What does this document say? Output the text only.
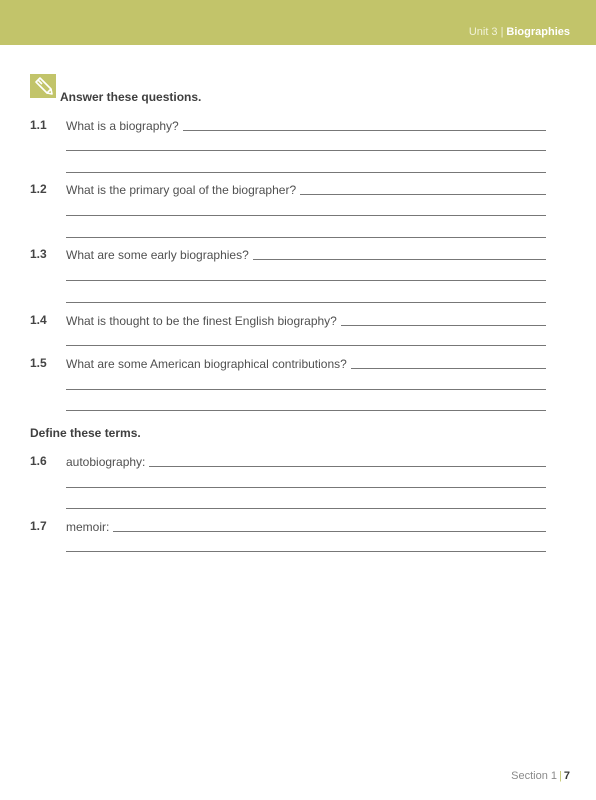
Unit 3 | Biographies
Answer these questions.
1.1 What is a biography?
1.2 What is the primary goal of the biographer?
1.3 What are some early biographies?
1.4 What is thought to be the finest English biography?
1.5 What are some American biographical contributions?
Define these terms.
1.6 autobiography:
1.7 memoir:
Section 1 | 7
